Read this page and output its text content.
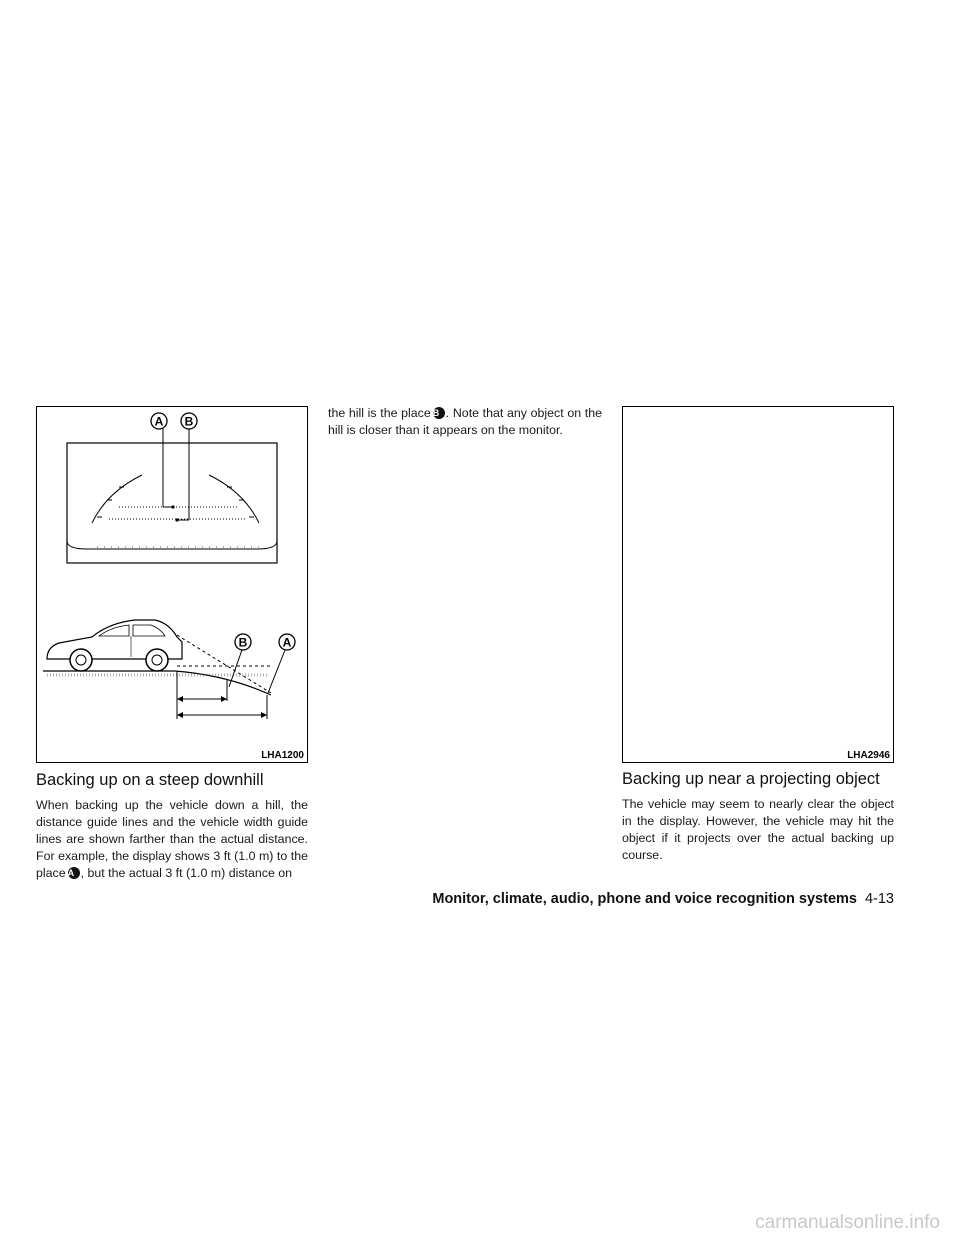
A B
B	A
LHA1200	LHA2946
Backing up on a steep downhill
When backing up the vehicle down a hill, the distance guide lines and the vehicle width guide lines are shown farther than the actual distance. For example, the display shows 3 ft (1.0 m) to the place A , but the actual 3 ft (1.0 m) distance on
the hill is the place B . Note that any object on the hill is closer than it appears on the monitor.
Backing up near a projecting object
The vehicle may seem to nearly clear the object in the display. However, the vehicle may hit the object if it projects over the actual backing up course.
Monitor, climate, audio, phone and voice recognition systems 4-13
carmanualsonline.info
